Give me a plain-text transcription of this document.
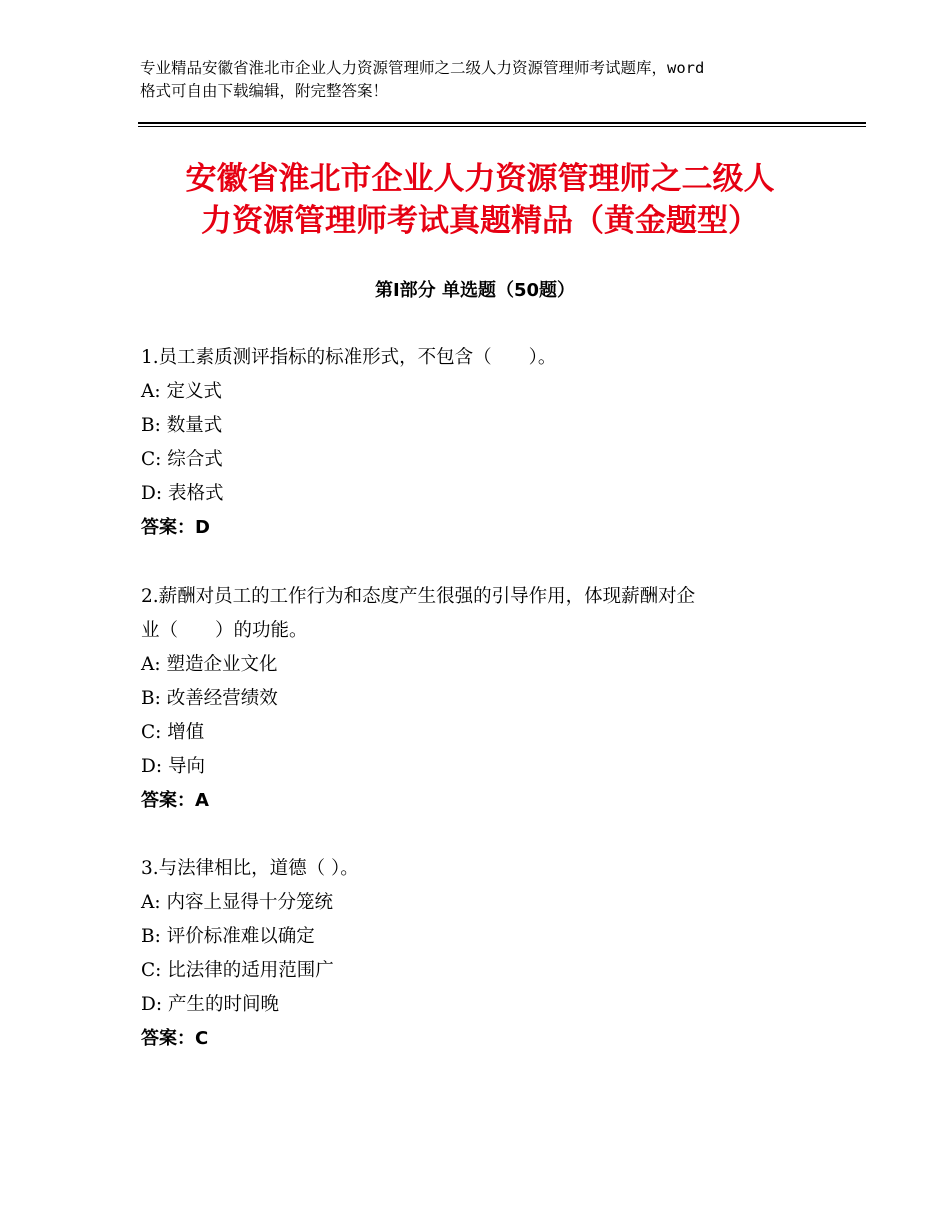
专业精品安徽省淮北市企业人力资源管理师之二级人力资源管理师考试题库，word
格式可自由下载编辑，附完整答案！
安徽省淮北市企业人力资源管理师之二级人
力资源管理师考试真题精品（黄金题型）
第Ⅰ部分 单选题（50题）
1.员工素质测评指标的标准形式，不包含（　　）。
A: 定义式
B: 数量式
C: 综合式
D: 表格式
答案：D
2.薪酬对员工的工作行为和态度产生很强的引导作用，体现薪酬对企
业（　　）的功能。
A: 塑造企业文化
B: 改善经营绩效
C: 增值
D: 导向
答案：A
3.与法律相比，道德（ ）。
A: 内容上显得十分笼统
B: 评价标准难以确定
C: 比法律的适用范围广
D: 产生的时间晚
答案：C
